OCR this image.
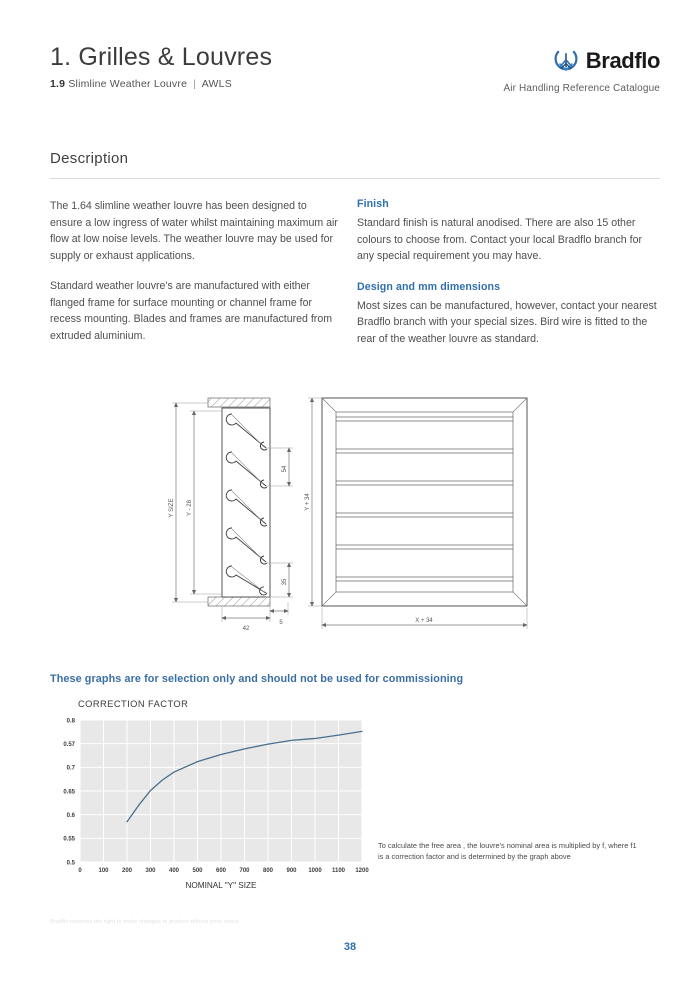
1. Grilles & Louvres
1.9 Slimline Weather Louvre | AWLS
Bradflo
Air Handling Reference Catalogue
Description

The 1.64 slimline weather louvre has been designed to ensure a low ingress of water whilst maintaining maximum air flow at low noise levels. The weather louvre may be used for supply or exhaust applications.

Standard weather louvre's are manufactured with either flanged frame for surface mounting or channel frame for recess mounting. Blades and frames are manufactured from extruded aluminium.

Finish

Standard finish is natural anodised. There are also 15 other colours to choose from. Contact your local Bradflo branch for any special requirement you may have.

Design and mm dimensions

Most sizes can be manufactured, however, contact your nearest Bradflo branch with your special sizes. Bird wire is fitted to the rear of the weather louvre as standard.

Y SIZE Y - 28
54
35
42
5
Y + 34
X + 34
These graphs are for selection only and should not be used for commissioning
CORRECTION FACTOR
0.5
0.55
0.6
0.65
0.7
0.57
0.8
0	100 200 300 400 500 600 700 800 900 1000 1100 1200
NOMINAL "Y" SIZE
To calculate the free area , the louvre's nominal area is multiplied by f, where f1 is a correction factor and is determined by the graph above
Bradflo reserves the right to make changes to product without prior notice
38
